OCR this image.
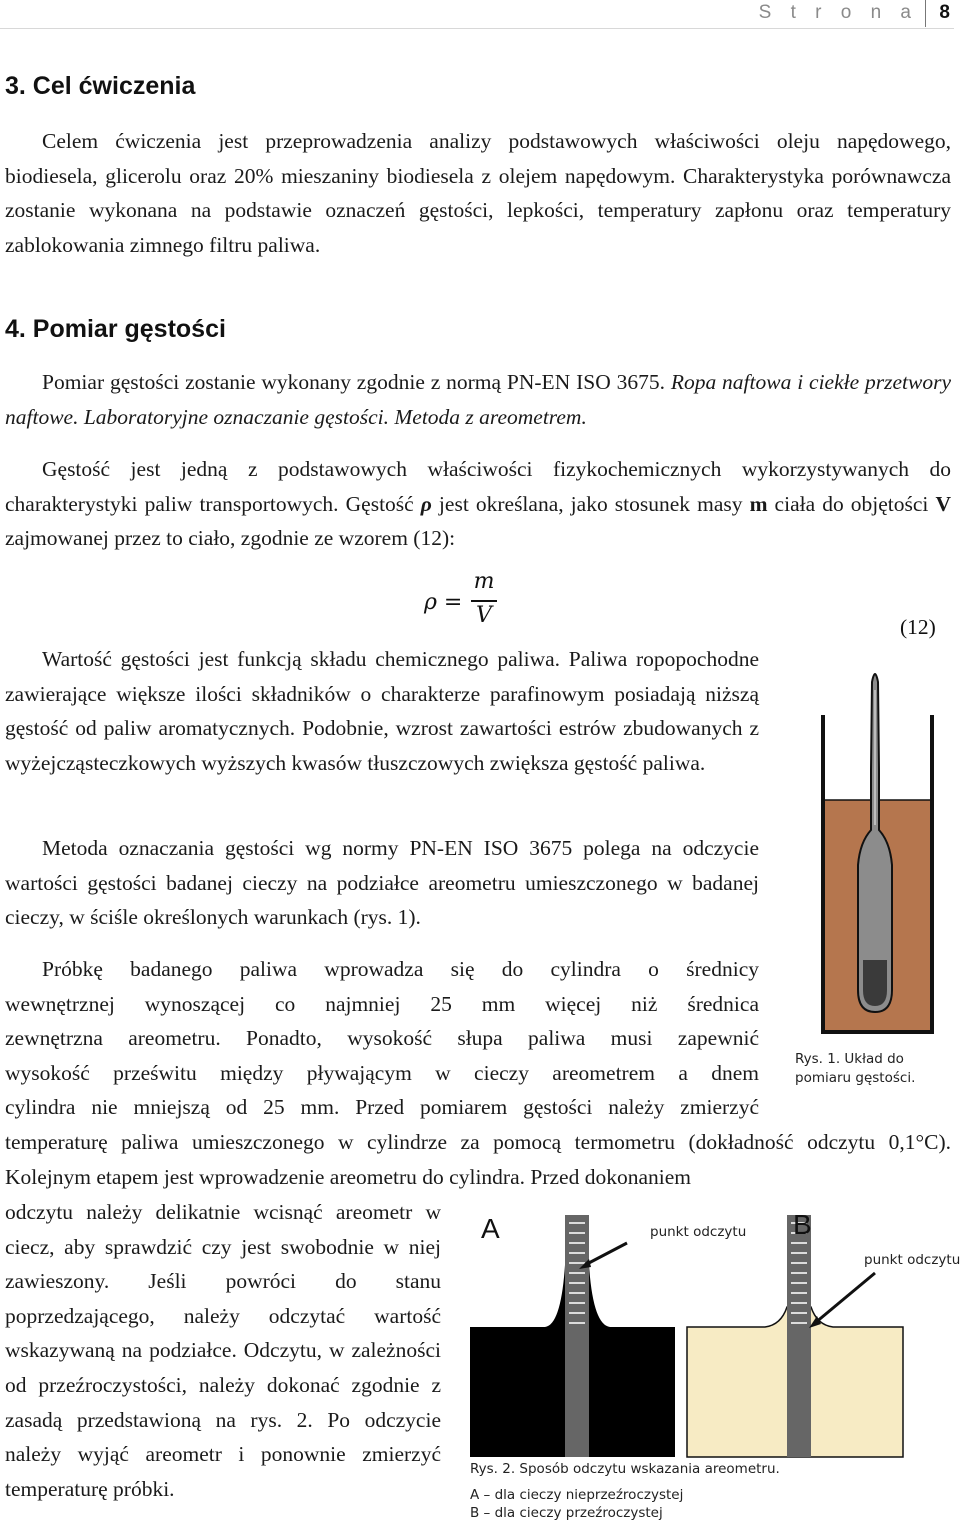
S t r o n a 8
3. Cel ćwiczenia

Celem ćwiczenia jest przeprowadzenia analizy podstawowych właściwości oleju napędowego, biodiesela, glicerolu oraz 20% mieszaniny biodiesela z olejem napędowym. Charakterystyka porównawcza zostanie wykonana na podstawie oznaczeń gęstości, lepkości, temperatury zapłonu oraz temperatury zablokowania zimnego filtru paliwa.

4. Pomiar gęstości

Pomiar gęstości zostanie wykonany zgodnie z normą PN-EN ISO 3675. Ropa naftowa i ciekłe przetwory naftowe. Laboratoryjne oznaczanie gęstości. Metoda z areometrem.

Gęstość jest jedną z podstawowych właściwości fizykochemicznych wykorzystywanych do charakterystyki paliw transportowych. Gęstość ρ jest określana, jako stosunek masy m ciała do objętości V zajmowanej przez to ciało, zgodnie ze wzorem (12):

ρ =
m
V	(12)

Wartość gęstości jest funkcją składu chemicznego paliwa. Paliwa ropopochodne zawierające większe ilości składników o charakterze parafinowym posiadają niższą gęstość od paliw aromatycznych. Podobnie, wzrost zawartości estrów zbudowanych z wyżejcząsteczkowych wyższych kwasów tłuszczowych zwiększa gęstość paliwa.

Metoda oznaczania gęstości wg normy PN-EN ISO 3675 polega na odczycie wartości gęstości badanej cieczy na podziałce areometru umieszczonego w badanej cieczy, w ściśle określonych warunkach (rys. 1).

Próbkę badanego paliwa wprowadza się do cylindra o średnicy
wewnętrznej wynoszącej co najmniej 25 mm więcej niż średnica
zewnętrzna areometru. Ponadto, wysokość słupa paliwa musi zapewnić
wysokość prześwitu między pływającym w cieczy areometrem a dnem
cylindra nie mniejszą od 25 mm. Przed pomiarem gęstości należy zmierzyć

temperaturę paliwa umieszczonego w cylindrze za pomocą termometru (dokładność odczytu 0,1°C). Kolejnym etapem jest wprowadzenie areometru do cylindra. Przed dokonaniem

odczytu należy delikatnie wcisnąć areometr w ciecz, aby sprawdzić czy jest swobodnie w niej zawieszony. Jeśli powróci do stanu poprzedzającego, należy odczytać wartość wskazywaną na podziałce. Odczytu, w zależności od przeźroczystości, należy dokonać zgodnie z zasadą przedstawioną na rys. 2. Po odczycie należy wyjąć areometr i ponownie zmierzyć temperaturę próbki.

Rys. 1. Układ do pomiaru gęstości.
A	B
punkt odczytu
punkt odczytu
Rys. 2. Sposób odczytu wskazania areometru.
A – dla cieczy nieprzeźroczystej
B – dla cieczy przeźroczystej
